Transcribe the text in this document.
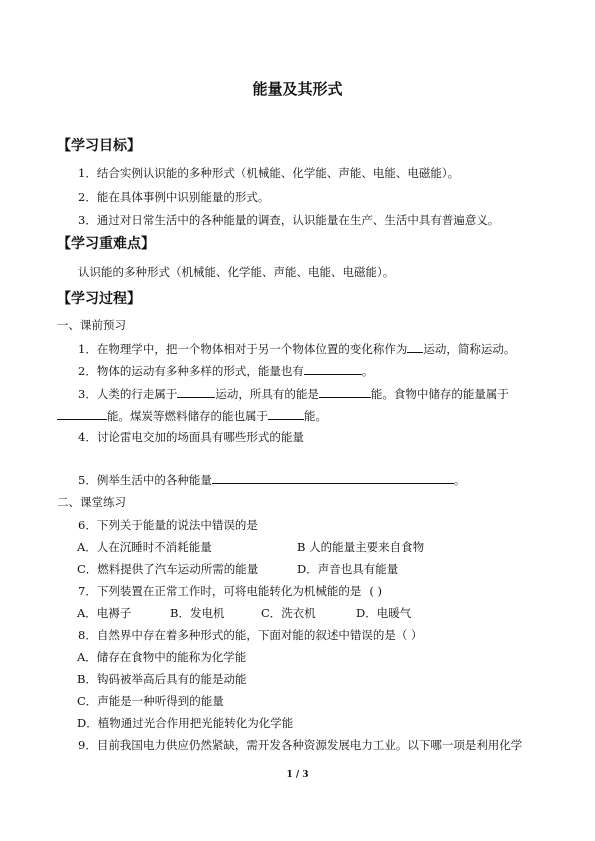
能量及其形式
【学习目标】
1．结合实例认识能的多种形式（机械能、化学能、声能、电能、电磁能）。
2．能在具体事例中识别能量的形式。
3．通过对日常生活中的各种能量的调查，认识能量在生产、生活中具有普遍意义。
【学习重难点】
认识能的多种形式（机械能、化学能、声能、电能、电磁能）。
【学习过程】
一、课前预习
1．在物理学中，把一个物体相对于另一个物体位置的变化称作为 运动，简称运动。
2．物体的运动有多种多样的形式，能量也有	。
3．人类的行走属于	运动，所具有的能是	能。食物中储存的能量属于
能。煤炭等燃料储存的能也属于	能。
4．讨论雷电交加的场面具有哪些形式的能量
5．例举生活中的各种能量	。
二、课堂练习
6．下列关于能量的说法中错误的是
A．人在沉睡时不消耗能量	B 人的能量主要来自食物
C．燃料提供了汽车运动所需的能量	D．声音也具有能量
7．下列装置在正常工作时，可将电能转化为机械能的是 ( )
A．电褥子	B．发电机	C．洗衣机	D．电暖气
8．自然界中存在着多种形式的能，下面对能的叙述中错误的是（ ）
A．储存在食物中的能称为化学能
B．钩码被举高后具有的能是动能
C．声能是一种听得到的能量
D．植物通过光合作用把光能转化为化学能
9．目前我国电力供应仍然紧缺，需开发各种资源发展电力工业。以下哪一项是利用化学
1 / 3
